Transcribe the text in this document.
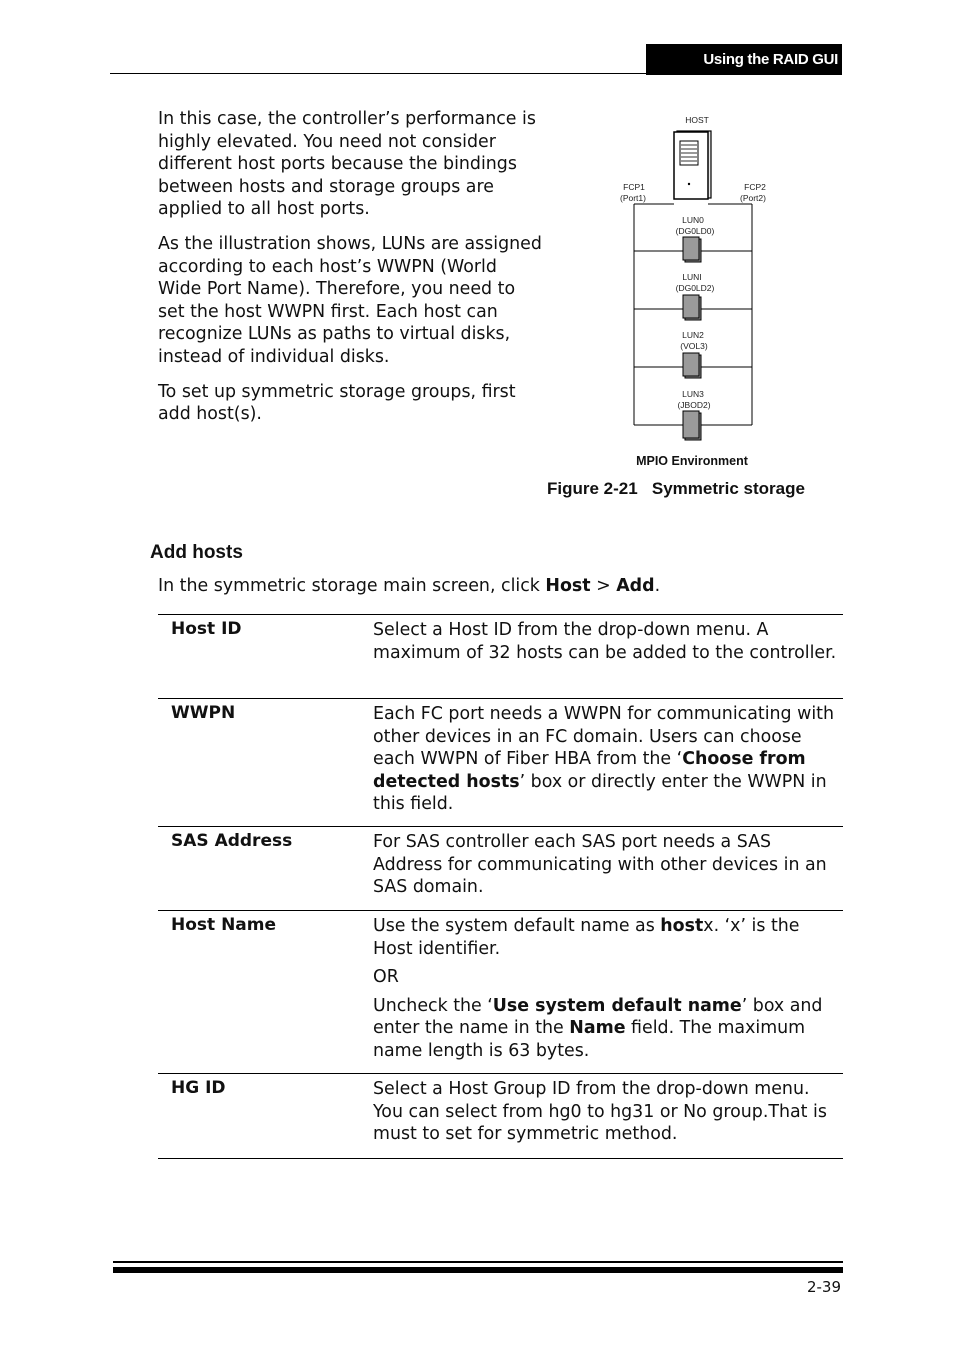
Using the RAID GUI

In this case, the controller’s performance is highly elevated. You need not consider different host ports because the bindings between hosts and storage groups are applied to all host ports.

As the illustration shows, LUNs are assigned according to each host’s WWPN (World Wide Port Name). Therefore, you need to set the host WWPN first. Each host can recognize LUNs as paths to virtual disks, instead of individual disks.

To set up symmetric storage groups, first add host(s).

HOST
FCP1
(Port1)
FCP2
(Port2)
LUN0
(DG0LD0)
LUNI
(DG0LD2)
LUN2
(VOL3)
LUN3
(JBOD2)
MPIO Environment
Figure 2-21   Symmetric storage
Add hosts
In the symmetric storage main screen, click Host > Add.
Host ID	Select a Host ID from the drop-down menu. A maximum of 32 hosts can be added to the controller.

WWPN	Each FC port needs a WWPN for communicating with other devices in an FC domain. Users can choose each WWPN of Fiber HBA from the ‘Choose from detected hosts’ box or directly enter the WWPN in this field.

SAS Address	For SAS controller each SAS port needs a SAS Address for communicating with other devices in an SAS domain.

Host Name	Use the system default name as hostx. ‘x’ is the Host identifier.

OR

Uncheck the ‘Use system default name’ box and enter the name in the Name field. The maximum name length is 63 bytes.

HG ID	Select a Host Group ID from the drop-down menu. You can select from hg0 to hg31 or No group.That is must to set for symmetric method.

2-39
